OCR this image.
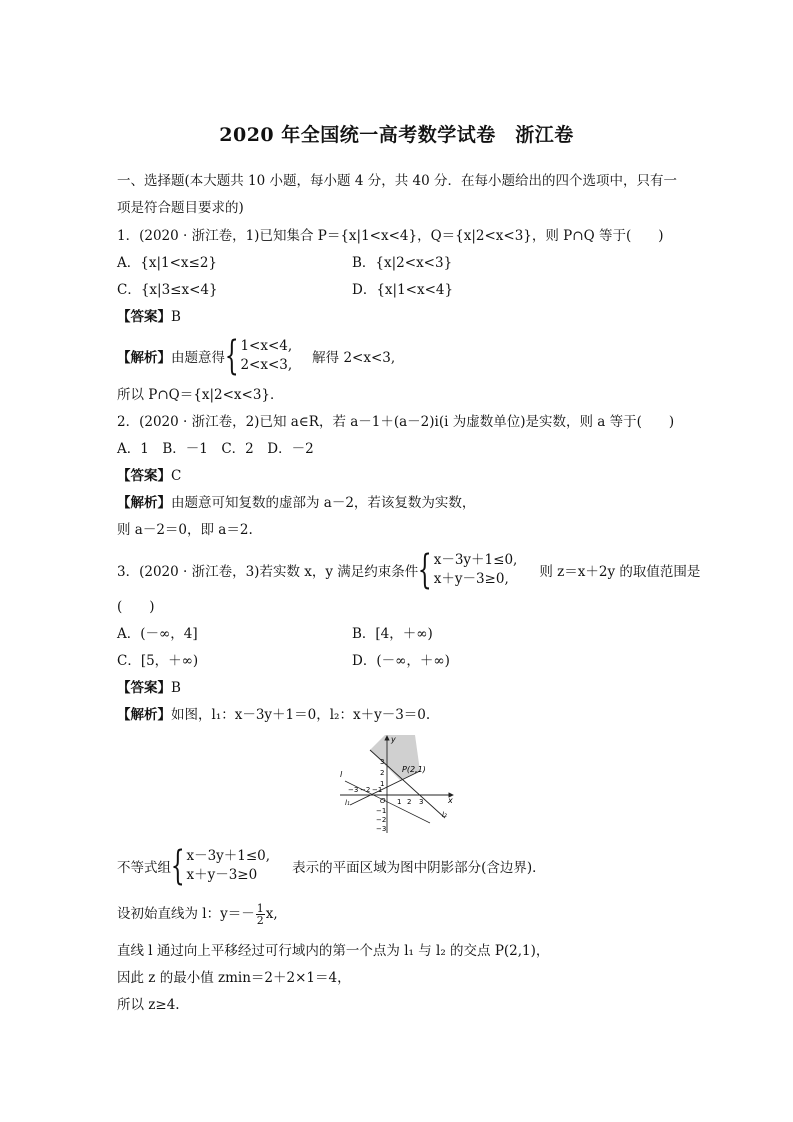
2020 年全国统一高考数学试卷　浙江卷
一、选择题(本大题共 10 小题，每小题 4 分，共 40 分．在每小题给出的四个选项中，只有一
项是符合题目要求的)
1．(2020 · 浙江卷，1)已知集合 P＝{x|1<x<4}，Q＝{x|2<x<3}，则 P∩Q 等于(　　)
A．{x|1<x≤2}	B．{x|2<x<3}
C．{x|3≤x<4}	D．{x|1<x<4}
【答案】B
【解析】 由题意得 { 1<x<4,
2<x<3, 解得 2<x<3,
所以 P∩Q＝{x|2<x<3}．
2．(2020 · 浙江卷，2)已知 a∈R，若 a－1＋(a－2)i(i 为虚数单位)是实数，则 a 等于(　　)
A．1　B．－1　C．2　D．－2
【答案】C
【解析】由题意可知复数的虚部为 a－2，若该复数为实数，
则 a－2＝0，即 a＝2.
3．(2020 · 浙江卷，3)若实数 x，y 满足约束条件 { x－3y＋1≤0,
x＋y－3≥0,	则 z＝x＋2y 的取值范围是
(　　)
A．(－∞，4]	B．[4，＋∞)
C．[5，＋∞)	D．(－∞，＋∞)
【答案】B
【解析】如图，l₁：x－3y＋1＝0，l₂：x＋y－3＝0.
y
x
O
P(2,1)
l
l₁
l₂
−3 −2 −1
1 2 3
3
2
1
−1
−2
−3
不等式组 { x－3y＋1≤0,
x＋y－3≥0	表示的平面区域为图中阴影部分(含边界)．
设初始直线为 l：$y=- \frac{1}{2} x$,
直线 l 通过向上平移经过可行域内的第一个点为 l₁ 与 l₂ 的交点 P(2,1)，
因此 z 的最小值 zmin＝2＋2×1＝4，
所以 z≥4.
